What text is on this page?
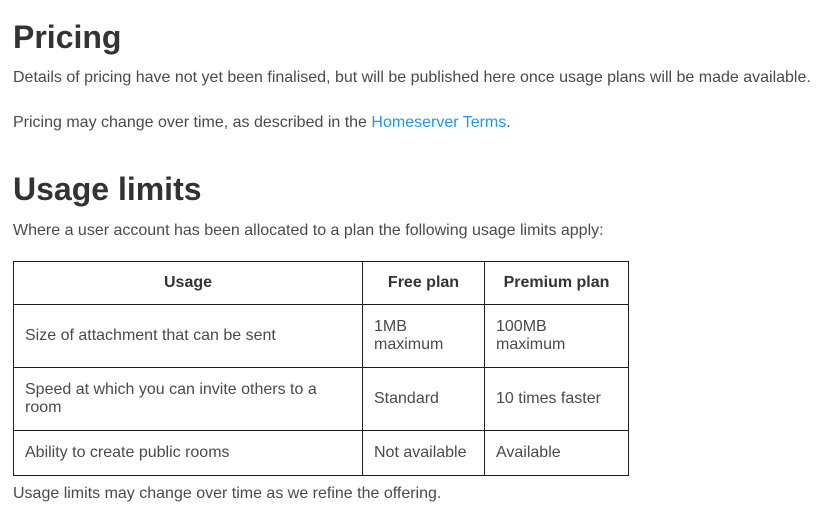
Pricing

Details of pricing have not yet been finalised, but will be published here once usage plans will be made available.

Pricing may change over time, as described in the Homeserver Terms.

Usage limits

Where a user account has been allocated to a plan the following usage limits apply:

Usage	Free plan	Premium plan
Size of attachment that can be sent	1MB maximum	100MB maximum
Speed at which you can invite others to a room	Standard	10 times faster
Ability to create public rooms	Not available	Available

Usage limits may change over time as we refine the offering.
